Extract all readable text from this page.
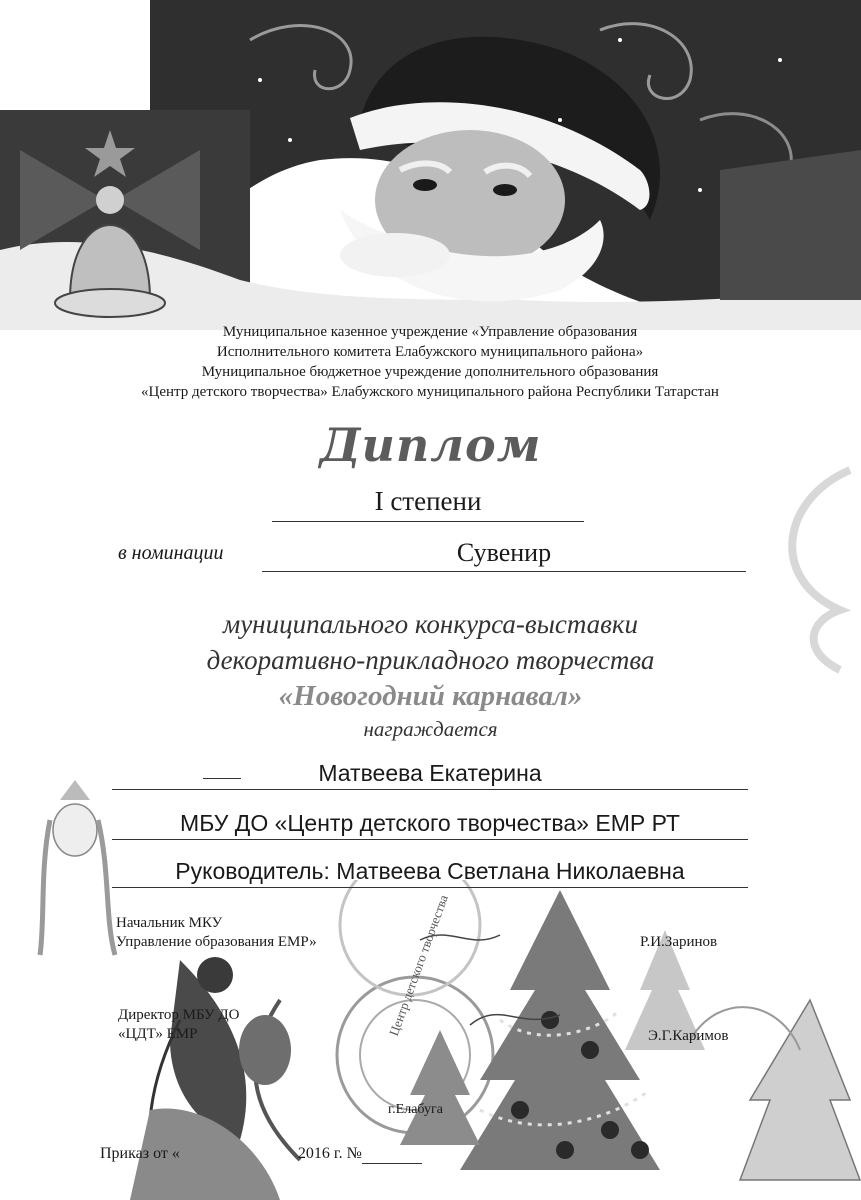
Муниципальное казенное учреждение «Управление образования
Исполнительного комитета Елабужского муниципального района»
Муниципальное бюджетное учреждение дополнительного образования
«Центр детского творчества» Елабужского муниципального района Республики Татарстан
Диплом
I степени
в номинации	Сувенир
муниципального конкурса-выставки
декоративно-прикладного творчества
«Новогодний карнавал»
награждается
Матвеева Екатерина
МБУ ДО «Центр детского творчества» ЕМР РТ
Руководитель: Матвеева Светлана Николаевна
Начальник МКУ
Управление образования ЕМР»	Р.И.Заринов
Директор МБУ ДО
«ЦДТ» ЕМР	Э.Г.Каримов
Центр детского творчества
г.Елабуга
Приказ от «	2016 г. №
